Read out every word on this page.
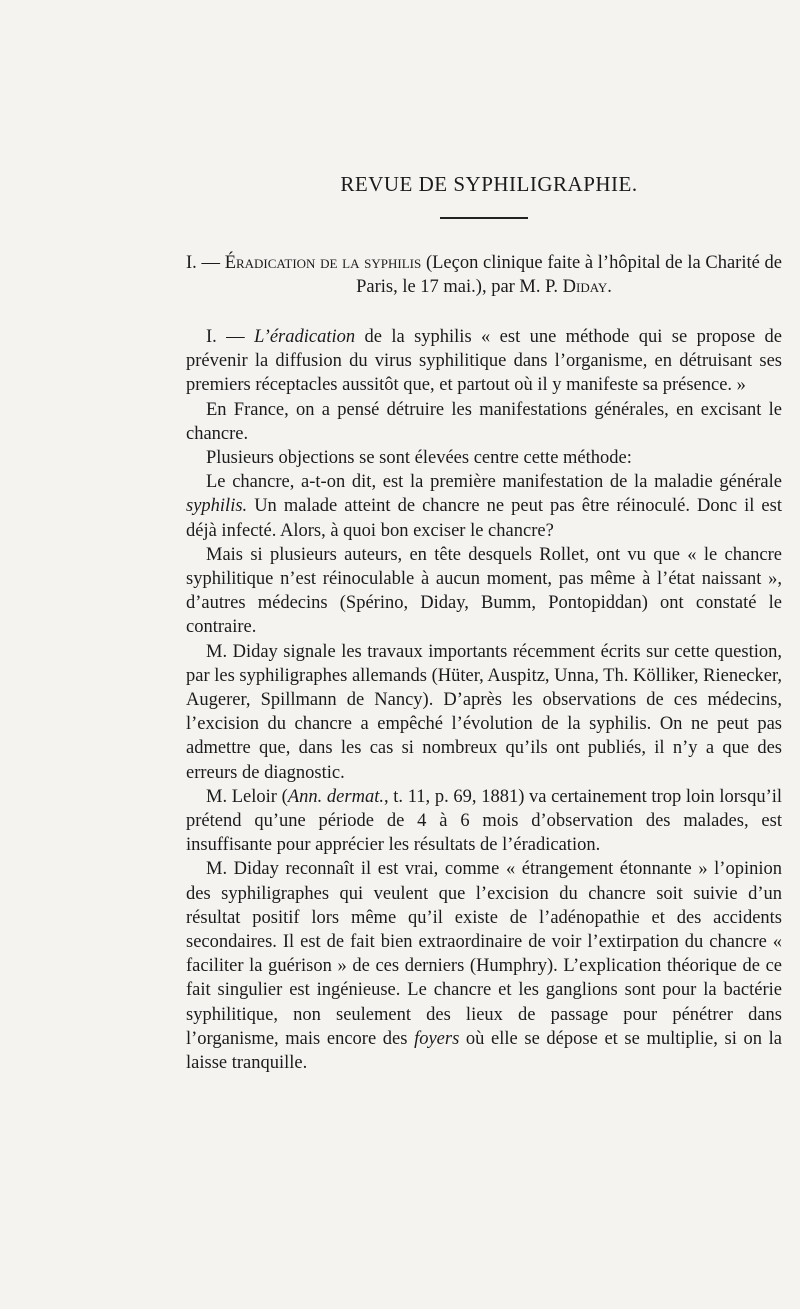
REVUE DE SYPHILIGRAPHIE.
I. — Éradication de la syphilis (Leçon clinique faite à l’hôpital de la Charité de Paris, le 17 mai.), par M. P. Diday.

I. — L’éradication de la syphilis « est une méthode qui se propose de prévenir la diffusion du virus syphilitique dans l’organisme, en détruisant ses premiers réceptacles aussitôt que, et partout où il y manifeste sa présence. »

En France, on a pensé détruire les manifestations générales, en excisant le chancre.

Plusieurs objections se sont élevées centre cette méthode:

Le chancre, a-t-on dit, est la première manifestation de la maladie générale syphilis. Un malade atteint de chancre ne peut pas être réinoculé. Donc il est déjà infecté. Alors, à quoi bon exciser le chancre?

Mais si plusieurs auteurs, en tête desquels Rollet, ont vu que « le chancre syphilitique n’est réinoculable à aucun moment, pas même à l’état naissant », d’autres médecins (Spérino, Diday, Bumm, Pontopiddan) ont constaté le contraire.

M. Diday signale les travaux importants récemment écrits sur cette question, par les syphiligraphes allemands (Hüter, Auspitz, Unna, Th. Kölliker, Rienecker, Augerer, Spillmann de Nancy). D’après les observations de ces médecins, l’excision du chancre a empêché l’évolution de la syphilis. On ne peut pas admettre que, dans les cas si nombreux qu’ils ont publiés, il n’y a que des erreurs de diagnostic.

M. Leloir (Ann. dermat., t. 11, p. 69, 1881) va certainement trop loin lorsqu’il prétend qu’une période de 4 à 6 mois d’observation des malades, est insuffisante pour apprécier les résultats de l’éradication.

M. Diday reconnaît il est vrai, comme « étrangement étonnante » l’opinion des syphiligraphes qui veulent que l’excision du chancre soit suivie d’un résultat positif lors même qu’il existe de l’adénopathie et des accidents secondaires. Il est de fait bien extraordinaire de voir l’extirpation du chancre « faciliter la guérison » de ces derniers (Humphry). L’explication théorique de ce fait singulier est ingénieuse. Le chancre et les ganglions sont pour la bactérie syphilitique, non seulement des lieux de passage pour pénétrer dans l’organisme, mais encore des foyers où elle se dépose et se multiplie, si on la laisse tranquille.
